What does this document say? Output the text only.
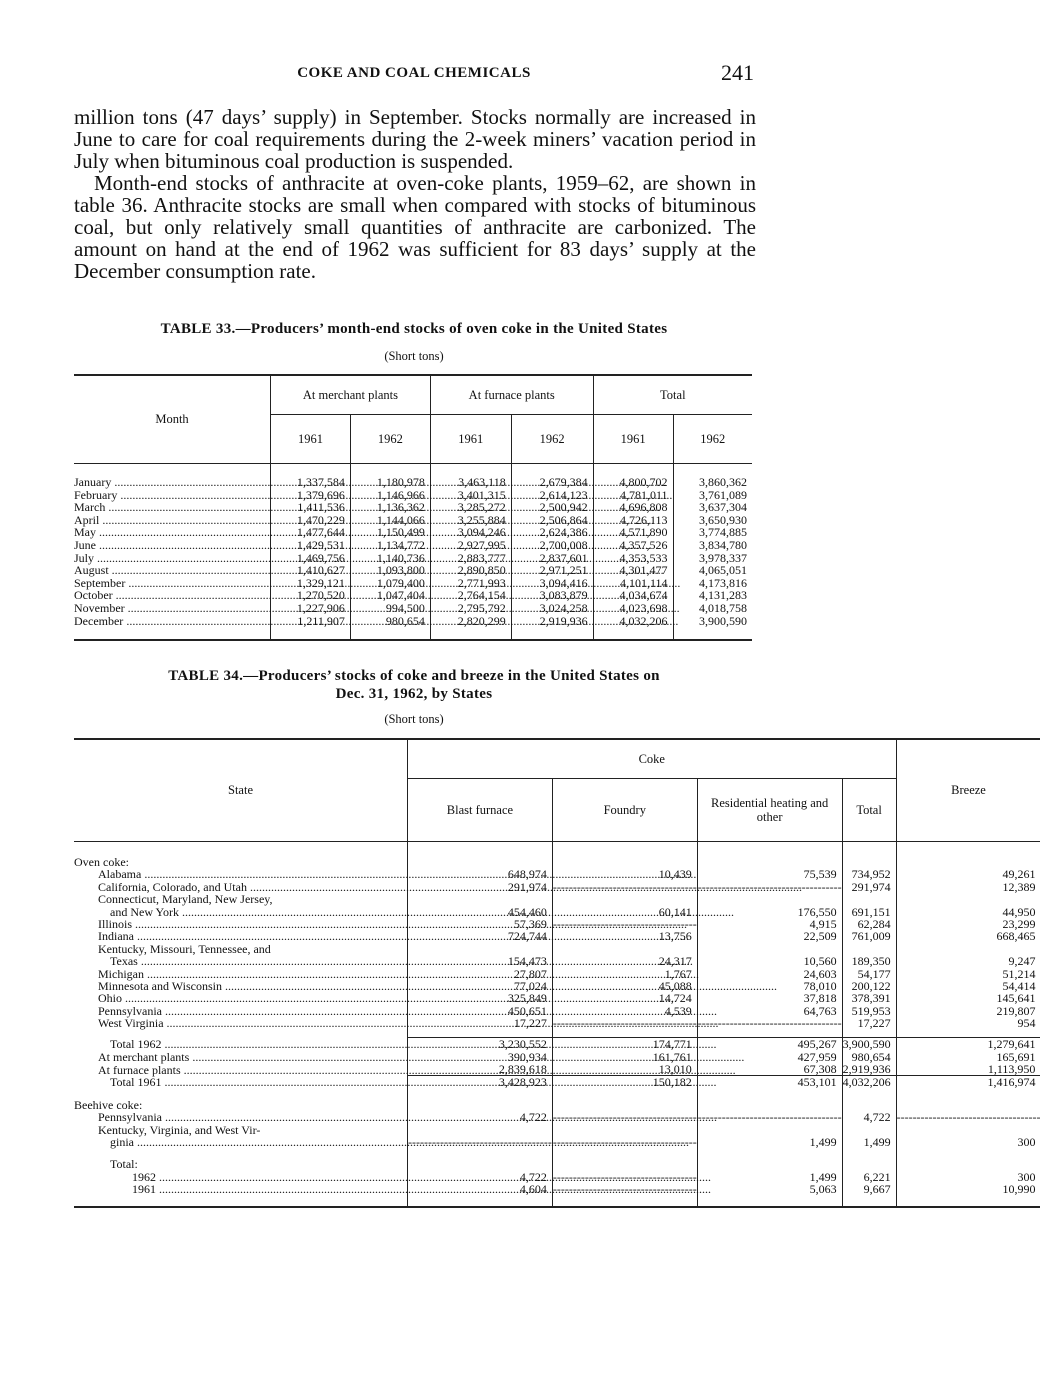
COKE AND COAL CHEMICALS	241

million tons (47 days’ supply) in September. Stocks normally are increased in June to care for coal requirements during the 2-week miners’ vacation period in July when bituminous coal production is suspended.

Month-end stocks of anthracite at oven-coke plants, 1959–62, are shown in table 36. Anthracite stocks are small when compared with stocks of bituminous coal, but only relatively small quantities of anthracite are carbonized. The amount on hand at the end of 1962 was sufficient for 83 days’ supply at the December consumption rate.

TABLE 33.—Producers’ month-end stocks of oven coke in the United States
(Short tons)
Month	At merchant plants		At furnace plants		Total	
	1961	1962	1961	1962	1961	1962

January .....	1,337,584	1,180,978	3,463,118	2,679,384	4,800,702	3,860,362
February .....	1,379,696	1,146,966	3,401,315	2,614,123	4,781,011	3,761,089
March .....	1,411,536	1,136,362	3,285,272	2,500,942	4,696,808	3,637,304
April .....	1,470,229	1,144,066	3,255,884	2,506,864	4,726,113	3,650,930
May .....	1,477,644	1,150,499	3,094,246	2,624,386	4,571,890	3,774,885
June .....	1,429,531	1,134,772	2,927,995	2,700,008	4,357,526	3,834,780
July .....	1,469,756	1,140,736	2,883,777	2,837,601	4,353,533	3,978,337
August .....	1,410,627	1,093,800	2,890,850	2,971,251	4,301,477	4,065,051
September .....	1,329,121	1,079,400	2,771,993	3,094,416	4,101,114	4,173,816
October .....	1,270,520	1,047,404	2,764,154	3,083,879	4,034,674	4,131,283
November .....	1,227,906	994,500	2,795,792	3,024,258	4,023,698	4,018,758
December .....	1,211,907	980,654	2,820,299	2,919,936	4,032,206	3,900,590

TABLE 34.—Producers’ stocks of coke and breeze in the United States on
Dec. 31, 1962, by States
(Short tons)
State	Coke				Breeze
	Blast furnace	Foundry	Residential heating and other	Total	

Oven coke:					
Alabama .....	648,974	10,439	75,539	734,952	49,261
California, Colorado, and Utah .....	291,974	-----	-----	291,974	12,389
Connecticut, Maryland, New Jersey,					
and New York .....	454,460	60,141	176,550	691,151	44,950
Illinois .....	57,369	-----	4,915	62,284	23,299
Indiana .....	724,744	13,756	22,509	761,009	668,465
Kentucky, Missouri, Tennessee, and					
Texas .....	154,473	24,317	10,560	189,350	9,247
Michigan .....	27,807	1,767	24,603	54,177	51,214
Minnesota and Wisconsin .....	77,024	45,088	78,010	200,122	54,414
Ohio .....	325,849	14,724	37,818	378,391	145,641
Pennsylvania .....	450,651	4,539	64,763	519,953	219,807
West Virginia .....	17,227	-----	-----	17,227	954

Total 1962 .....	3,230,552	174,771	495,267	3,900,590	1,279,641
At merchant plants .....	390,934	161,761	427,959	980,654	165,691
At furnace plants .....	2,839,618	13,010	67,308	2,919,936	1,113,950
Total 1961 .....	3,428,923	150,182	453,101	4,032,206	1,416,974

Beehive coke:					
Pennsylvania .....	4,722	-----	-----	4,722	-----
Kentucky, Virginia, and West Vir-					
ginia .....	-----	-----	1,499	1,499	300

Total:					
1962 .....	4,722	-----	1,499	6,221	300
1961 .....	4,604	-----	5,063	9,667	10,990
